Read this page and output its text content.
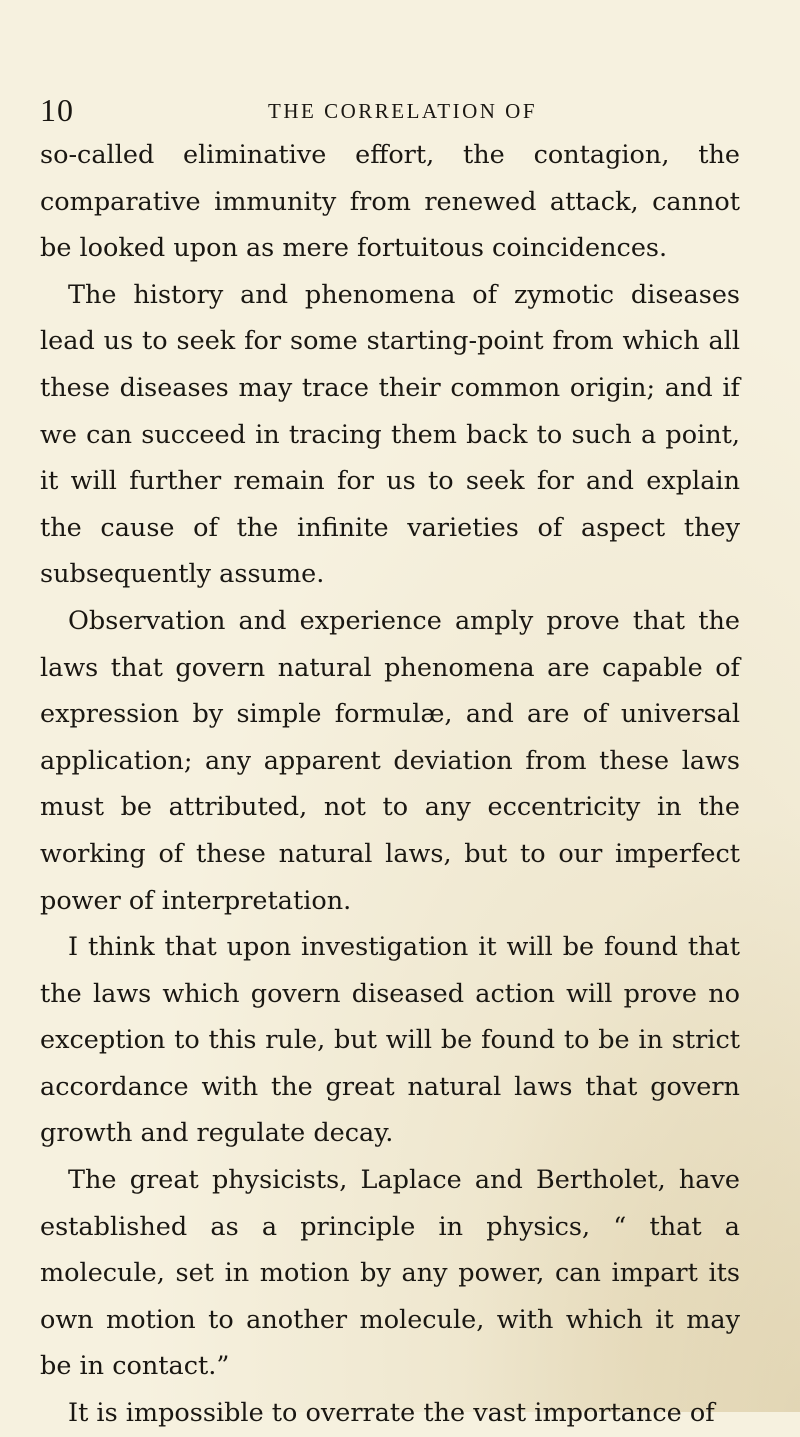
10	THE CORRELATION OF

so-called eliminative effort, the contagion, the comparative immunity from renewed attack, cannot be looked upon as mere fortuitous coincidences.

The history and phenomena of zymotic diseases lead us to seek for some starting-point from which all these diseases may trace their common origin; and if we can succeed in tracing them back to such a point, it will further remain for us to seek for and explain the cause of the infinite varieties of aspect they subsequently assume.

Observation and experience amply prove that the laws that govern natural phenomena are capable of expression by simple formulæ, and are of universal application; any apparent deviation from these laws must be attributed, not to any eccentricity in the working of these natural laws, but to our imperfect power of interpretation.

I think that upon investigation it will be found that the laws which govern diseased action will prove no exception to this rule, but will be found to be in strict accordance with the great natural laws that govern growth and regulate decay.

The great physicists, Laplace and Bertholet, have established as a principle in physics, “ that a molecule, set in motion by any power, can impart its own motion to another molecule, with which it may be in contact.”

It is impossible to overrate the vast importance of
